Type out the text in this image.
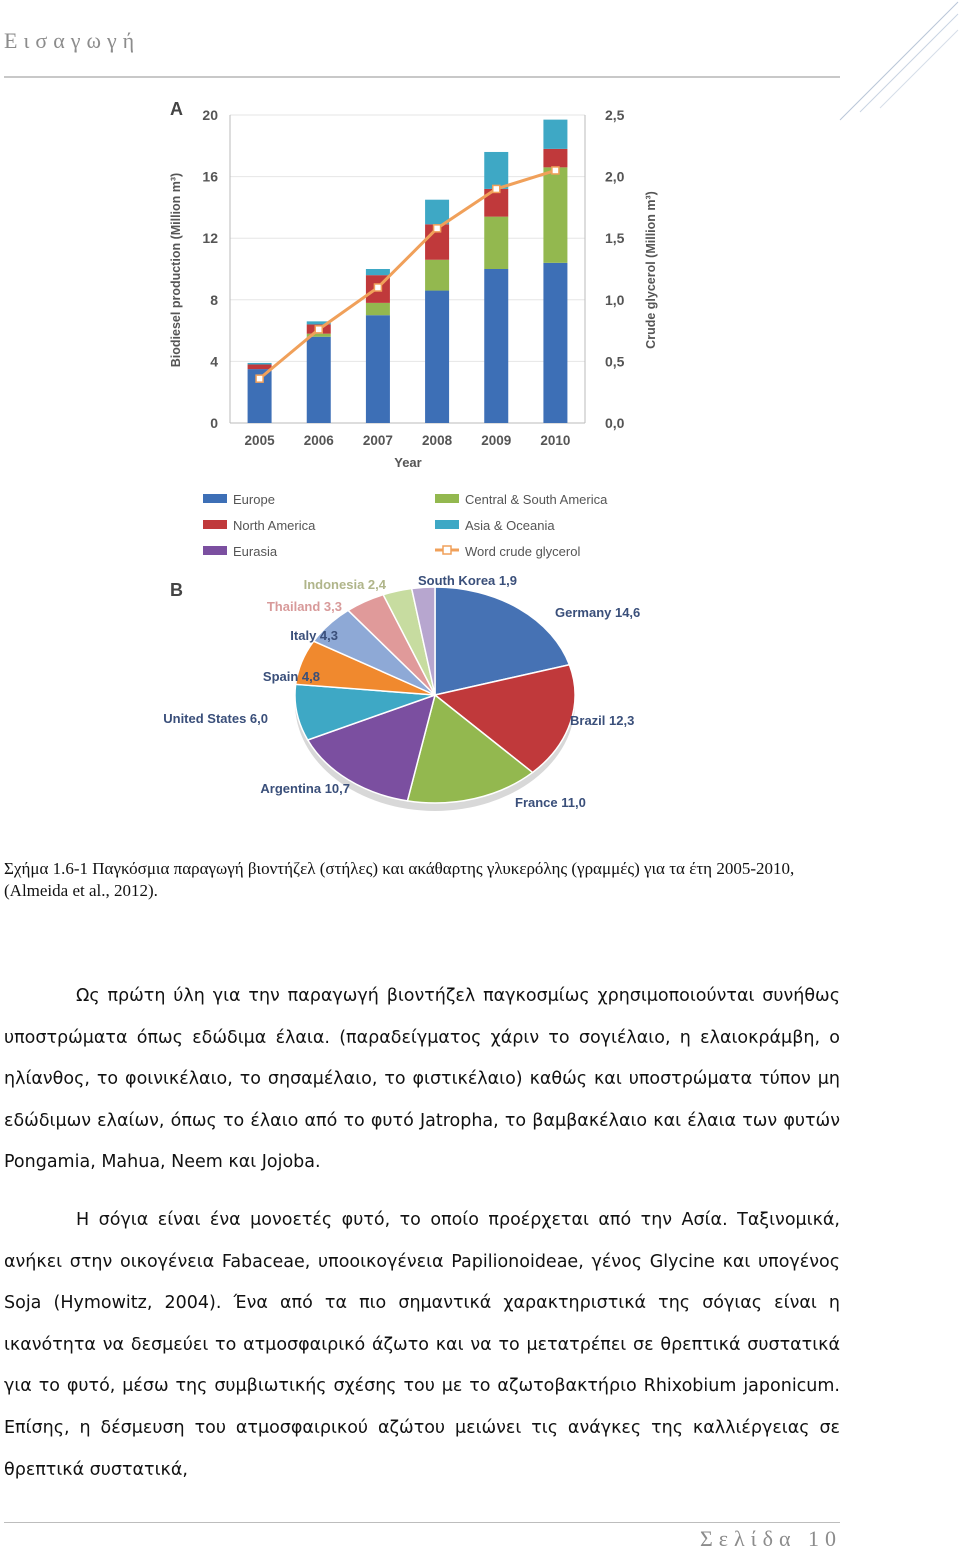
Εισαγωγή
A
0
4
8
12
16
20
0,0
0,5
1,0
1,5
2,0
2,5
2005 2006 2007 2008 2009 2010
Year
Biodiesel production (Million m³)	Crude glycerol (Million m³)
Europe
North America
Eurasia
Central & South America
Asia & Oceania
Word crude glycerol
B
Germany 14,6
Brazil 12,3
France 11,0
Argentina 10,7
United States 6,0
Spain 4,8
Italy 4,3
Thailand 3,3
Indonesia 2,4 South Korea 1,9
Σχήμα 1.6-1 Παγκόσμια παραγωγή βιοντήζελ (στήλες) και ακάθαρτης γλυκερόλης (γραμμές) για τα έτη 2005-2010, (Almeida et al., 2012).
Ως πρώτη ύλη για την παραγωγή βιοντήζελ παγκοσμίως χρησιμοποιούνται συνήθως υποστρώματα όπως εδώδιμα έλαια. (παραδείγματος χάριν το σογιέλαιο, η ελαιοκράμβη, ο ηλίανθος, το φοινικέλαιο, το σησαμέλαιο, το φιστικέλαιο) καθώς και υποστρώματα τύπον μη εδώδιμων ελαίων, όπως το έλαιο από το φυτό Jatropha, το βαμβακέλαιο και έλαια των φυτών Pongamia, Mahua, Neem και Jojoba.
Η σόγια είναι ένα μονοετές φυτό, το οποίο προέρχεται από την Ασία. Ταξινομικά, ανήκει στην οικογένεια Fabaceae, υποοικογένεια Papilionoideae, γένος Glycine και υπογένος Soja (Hymowitz, 2004). Ένα από τα πιο σημαντικά χαρακτηριστικά της σόγιας είναι η ικανότητα να δεσμεύει το ατμοσφαιρικό άζωτο και να το μετατρέπει σε θρεπτικά συστατικά για το φυτό, μέσω της συμβιωτικής σχέσης του με το αζωτοβακτήριο Rhixobium japonicum. Επίσης, η δέσμευση του ατμοσφαιρικού αζώτου μειώνει τις ανάγκες της καλλιέργειας σε θρεπτικά συστατικά,
Σελίδα 10
